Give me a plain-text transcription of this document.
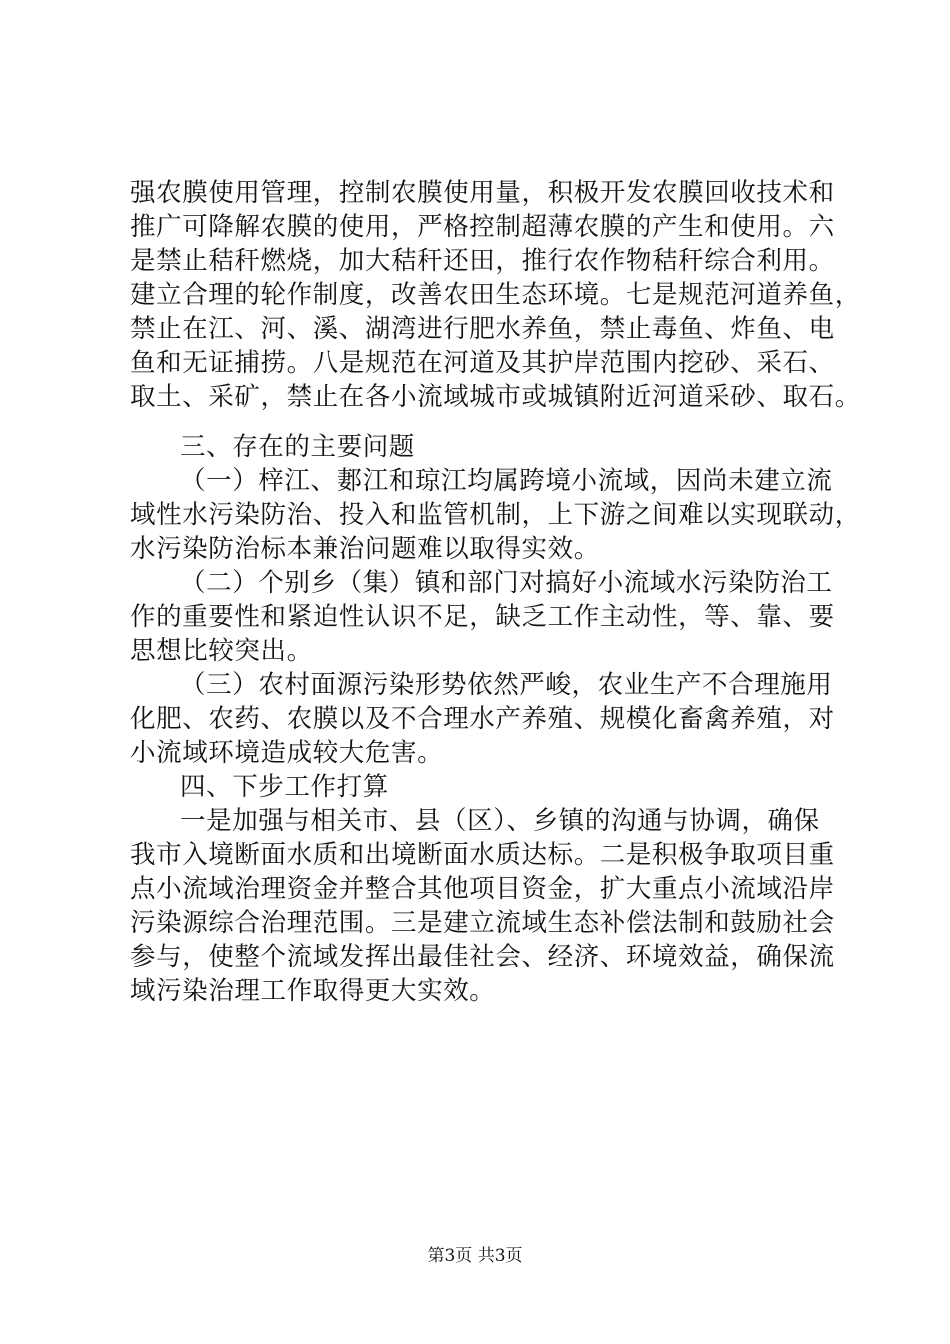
强农膜使用管理，控制农膜使用量，积极开发农膜回收技术和
推广可降解农膜的使用，严格控制超薄农膜的产生和使用。六
是禁止秸秆燃烧，加大秸秆还田，推行农作物秸秆综合利用。
建立合理的轮作制度，改善农田生态环境。七是规范河道养鱼，
禁止在江、河、溪、湖湾进行肥水养鱼，禁止毒鱼、炸鱼、电
鱼和无证捕捞。八是规范在河道及其护岸范围内挖砂、采石、
取土、采矿，禁止在各小流域城市或城镇附近河道采砂、取石。
三、存在的主要问题
（一）梓江、郪江和琼江均属跨境小流域，因尚未建立流
域性水污染防治、投入和监管机制，上下游之间难以实现联动，
水污染防治标本兼治问题难以取得实效。
（二）个别乡（集）镇和部门对搞好小流域水污染防治工
作的重要性和紧迫性认识不足，缺乏工作主动性，等、靠、要
思想比较突出。
（三）农村面源污染形势依然严峻，农业生产不合理施用
化肥、农药、农膜以及不合理水产养殖、规模化畜禽养殖，对
小流域环境造成较大危害。
四、下步工作打算
一是加强与相关市、县（区）、乡镇的沟通与协调，确保
我市入境断面水质和出境断面水质达标。二是积极争取项目重
点小流域治理资金并整合其他项目资金，扩大重点小流域沿岸
污染源综合治理范围。三是建立流域生态补偿法制和鼓励社会
参与，使整个流域发挥出最佳社会、经济、环境效益，确保流
域污染治理工作取得更大实效。
第3页 共3页
